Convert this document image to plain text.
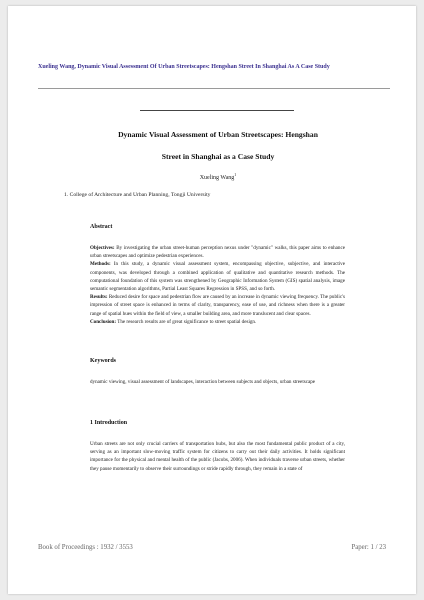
Xueling Wang, Dynamic Visual Assessment Of Urban Streetscapes: Hengshan Street In Shanghai As A Case Study
Dynamic Visual Assessment of Urban Streetscapes: Hengshan
Street in Shanghai as a Case Study
Xueling Wang$^1$
1. College of Architecture and Urban Planning, Tongji University
Abstract
Objectives: By investigating the urban street-human perception nexus under "dynamic" walks, this paper aims to enhance urban streetscapes and optimize pedestrian experiences.
Methods: In this study, a dynamic visual assessment system, encompassing objective, subjective, and interactive components, was developed through a combined application of qualitative and quantitative research methods. The computational foundation of this system was strengthened by Geographic Information System (GIS) spatial analysis, image semantic segmentation algorithms, Partial Least Squares Regression in SPSS, and so forth.
Results: Reduced desire for space and pedestrian flow are caused by an increase in dynamic viewing frequency. The public's impression of street space is enhanced in terms of clarity, transparency, ease of use, and richness when there is a greater range of spatial hues within the field of view, a smaller building area, and more translucent and clear spaces.
Conclusion: The research results are of great significance to street spatial design.
Keywords
dynamic viewing, visual assessment of landscapes, interaction between subjects and objects, urban streetscape
1 Introduction
Urban streets are not only crucial carriers of transportation hubs, but also the most fundamental public product of a city, serving as an important slow-moving traffic system for citizens to carry out their daily activities. It holds significant importance for the physical and mental health of the public (Jacobs, 2006). When individuals traverse urban streets, whether they pause momentarily to observe their surroundings or stride rapidly through, they remain in a state of
Book of Proceedings : 1932 / 3553	Paper: 1 / 23
